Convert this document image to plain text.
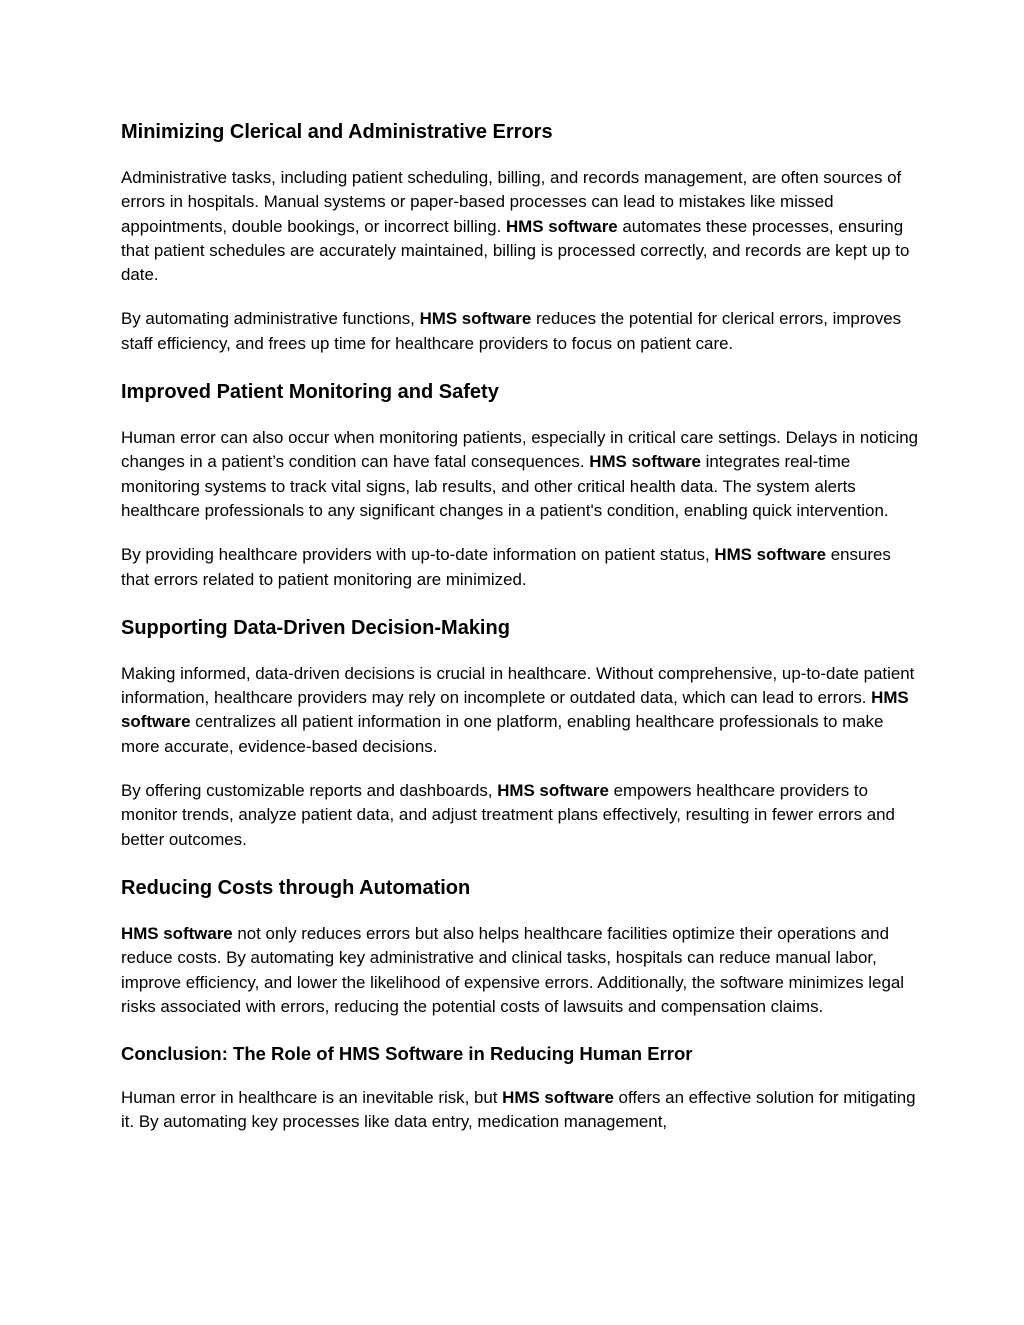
Minimizing Clerical and Administrative Errors

Administrative tasks, including patient scheduling, billing, and records management, are often sources of errors in hospitals. Manual systems or paper-based processes can lead to mistakes like missed appointments, double bookings, or incorrect billing. HMS software automates these processes, ensuring that patient schedules are accurately maintained, billing is processed correctly, and records are kept up to date.

By automating administrative functions, HMS software reduces the potential for clerical errors, improves staff efficiency, and frees up time for healthcare providers to focus on patient care.

Improved Patient Monitoring and Safety

Human error can also occur when monitoring patients, especially in critical care settings. Delays in noticing changes in a patient’s condition can have fatal consequences. HMS software integrates real-time monitoring systems to track vital signs, lab results, and other critical health data. The system alerts healthcare professionals to any significant changes in a patient's condition, enabling quick intervention.

By providing healthcare providers with up-to-date information on patient status, HMS software ensures that errors related to patient monitoring are minimized.

Supporting Data-Driven Decision-Making

Making informed, data-driven decisions is crucial in healthcare. Without comprehensive, up-to-date patient information, healthcare providers may rely on incomplete or outdated data, which can lead to errors. HMS software centralizes all patient information in one platform, enabling healthcare professionals to make more accurate, evidence-based decisions.

By offering customizable reports and dashboards, HMS software empowers healthcare providers to monitor trends, analyze patient data, and adjust treatment plans effectively, resulting in fewer errors and better outcomes.

Reducing Costs through Automation

HMS software not only reduces errors but also helps healthcare facilities optimize their operations and reduce costs. By automating key administrative and clinical tasks, hospitals can reduce manual labor, improve efficiency, and lower the likelihood of expensive errors. Additionally, the software minimizes legal risks associated with errors, reducing the potential costs of lawsuits and compensation claims.

Conclusion: The Role of HMS Software in Reducing Human Error

Human error in healthcare is an inevitable risk, but HMS software offers an effective solution for mitigating it. By automating key processes like data entry, medication management,
